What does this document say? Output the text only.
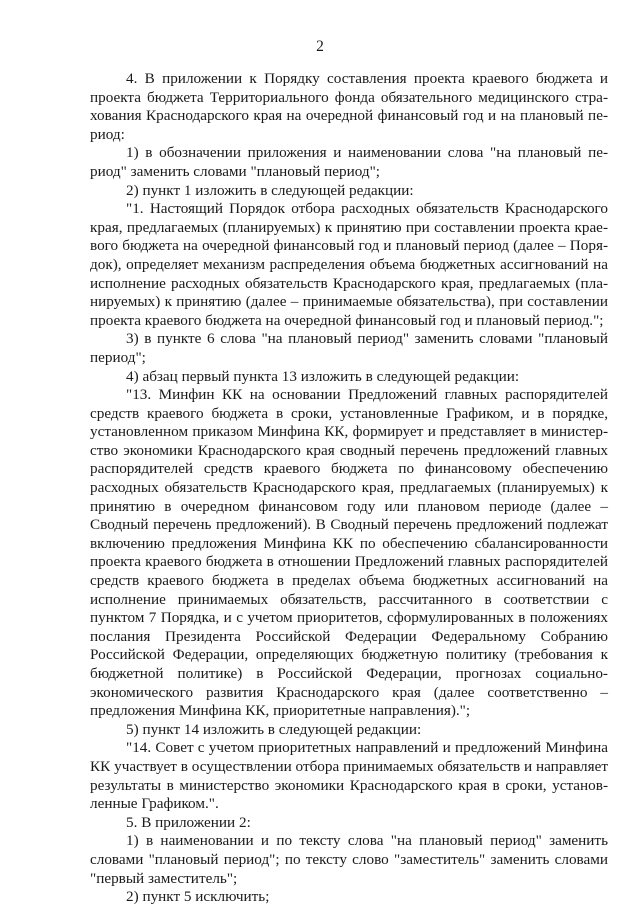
2

4. В приложении к Порядку составления проекта краевого бюджета и проекта бюджета Территориального фонда обязательного медицинского страхования Краснодарского края на очередной финансовый год и на плановый период:

1) в обозначении приложения и наименовании слова "на плановый период" заменить словами "плановый период";

2) пункт 1 изложить в следующей редакции:

"1. Настоящий Порядок отбора расходных обязательств Краснодарского края, предлагаемых (планируемых) к принятию при составлении проекта краевого бюджета на очередной финансовый год и плановый период (далее – Порядок), определяет механизм распределения объема бюджетных ассигнований на исполнение расходных обязательств Краснодарского края, предлагаемых (планируемых) к принятию (далее – принимаемые обязательства), при составлении проекта краевого бюджета на очередной финансовый год и плановый период.";

3) в пункте 6 слова "на плановый период" заменить словами "плановый период";

4) абзац первый пункта 13 изложить в следующей редакции:

"13. Минфин КК на основании Предложений главных распорядителей средств краевого бюджета в сроки, установленные Графиком, и в порядке, установленном приказом Минфина КК, формирует и представляет в министерство экономики Краснодарского края сводный перечень предложений главных распорядителей средств краевого бюджета по финансовому обеспечению расходных обязательств Краснодарского края, предлагаемых (планируемых) к принятию в очередном финансовом году или плановом периоде (далее – Сводный перечень предложений). В Сводный перечень предложений подлежат включению предложения Минфина КК по обеспечению сбалансированности проекта краевого бюджета в отношении Предложений главных распорядителей средств краевого бюджета в пределах объема бюджетных ассигнований на исполнение принимаемых обязательств, рассчитанного в соответствии с пунктом 7 Порядка, и с учетом приоритетов, сформулированных в положениях послания Президента Российской Федерации Федеральному Собранию Российской Федерации, определяющих бюджетную политику (требования к бюджетной политике) в Российской Федерации, прогнозах социально-экономического развития Краснодарского края (далее соответственно – предложения Минфина КК, приоритетные направления).";

5) пункт 14 изложить в следующей редакции:

"14. Совет с учетом приоритетных направлений и предложений Минфина КК участвует в осуществлении отбора принимаемых обязательств и направляет результаты в министерство экономики Краснодарского края в сроки, установленные Графиком.".

5. В приложении 2:

1) в наименовании и по тексту слова "на плановый период" заменить словами "плановый период"; по тексту слово "заместитель" заменить словами "первый заместитель";

2) пункт 5 исключить;
